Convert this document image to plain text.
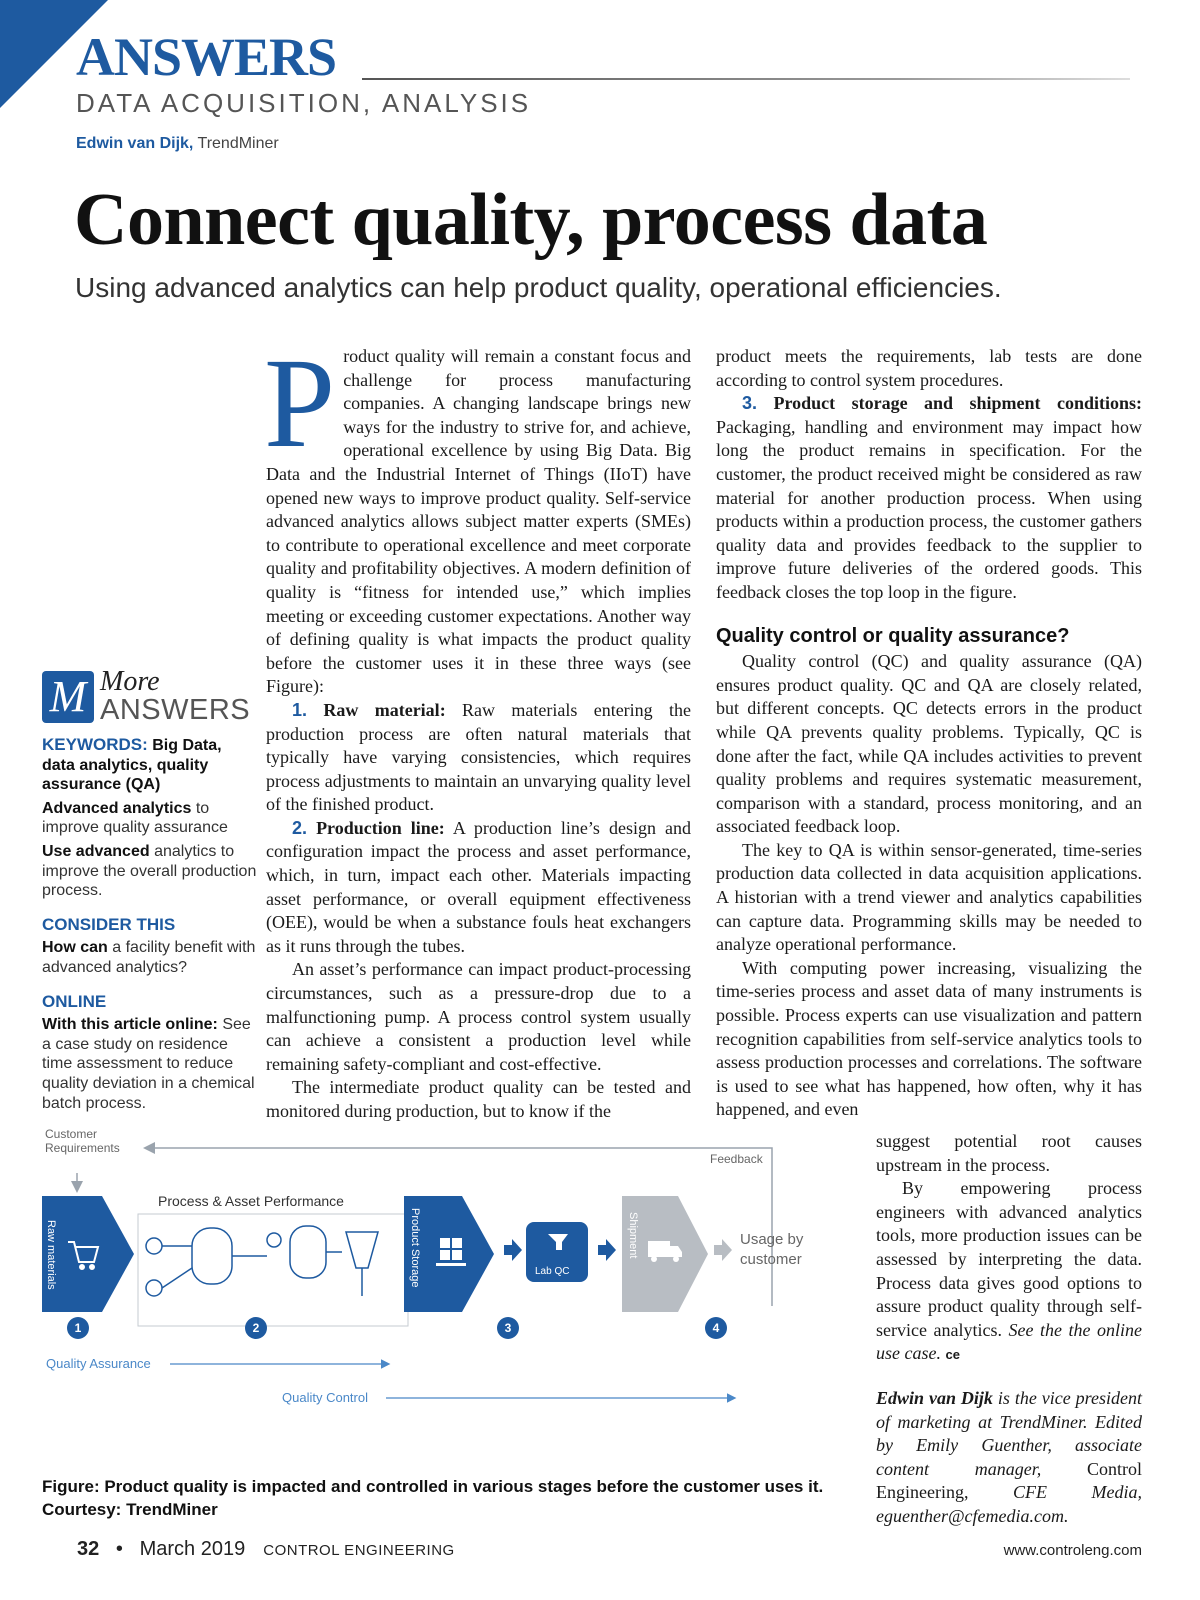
ANSWERS
DATA ACQUISITION, ANALYSIS
Edwin van Dijk, TrendMiner
Connect quality, process data
Using advanced analytics can help product quality, operational efficiencies.
M More
ANSWERS
KEYWORDS: Big Data, data analytics, quality assurance (QA)
Advanced analytics to improve quality assurance
Use advanced analytics to improve the overall production process.
CONSIDER THIS
How can a facility benefit with advanced analytics?
ONLINE
With this article online: See a case study on residence time assessment to reduce quality deviation in a chemical batch process.

Product quality will remain a constant focus and challenge for process manufacturing companies. A changing landscape brings new ways for the industry to strive for, and achieve, operational excellence by using Big Data. Big Data and the Industrial Internet of Things (IIoT) have opened new ways to improve product quality. Self-service advanced analytics allows subject matter experts (SMEs) to contribute to operational excellence and meet corporate quality and profitability objectives. A modern definition of quality is “fitness for intended use,” which implies meeting or exceeding customer expectations. Another way of defining quality is what impacts the product quality before the customer uses it in these three ways (see Figure):

1. Raw material: Raw materials entering the production process are often natural materials that typically have varying consistencies, which requires process adjustments to maintain an unvarying quality level of the finished product.

2. Production line: A production line’s design and configuration impact the process and asset performance, which, in turn, impact each other. Materials impacting asset performance, or overall equipment effectiveness (OEE), would be when a substance fouls heat exchangers as it runs through the tubes.

An asset’s performance can impact product-processing circumstances, such as a pressure-drop due to a malfunctioning pump. A process control system usually can achieve a consistent a production level while remaining safety-compliant and cost-effective.

The intermediate product quality can be tested and monitored during production, but to know if the

product meets the requirements, lab tests are done according to control system procedures.

3. Product storage and shipment conditions: Packaging, handling and environment may impact how long the product remains in specification. For the customer, the product received might be considered as raw material for another production process. When using products within a production process, the customer gathers quality data and provides feedback to the supplier to improve future deliveries of the ordered goods. This feedback closes the top loop in the figure.

Quality control or quality assurance?

Quality control (QC) and quality assurance (QA) ensures product quality. QC and QA are closely related, but different concepts. QC detects errors in the product while QA prevents quality problems. Typically, QC is done after the fact, while QA includes activities to prevent quality problems and requires systematic measurement, comparison with a standard, process monitoring, and an associated feedback loop.

The key to QA is within sensor-generated, time-series production data collected in data acquisition applications. A historian with a trend viewer and analytics capabilities can capture data. Programming skills may be needed to analyze operational performance.

With computing power increasing, visualizing the time-series process and asset data of many instruments is possible. Process experts can use visualization and pattern recognition capabilities from self-service analytics tools to assess production processes and correlations. The software is used to see what has happened, how often, why it has happened, and even

suggest potential root causes upstream in the process.

By empowering process engineers with advanced analytics tools, more production issues can be assessed by interpreting the data. Process data gives good options to assure product quality through self-service analytics. See the the online use case. ce

Edwin van Dijk is the vice president of marketing at TrendMiner. Edited by Emily Guenther, associate content manager,	Control Engineering, CFE Media, eguenther@cfemedia.com.

Customer
Requirements
Feedback
Process & Asset Performance
Raw materials	Product Storage	Lab QC
Shipment	Usage by
customer
1	2	3	4
Quality Assurance
Quality Control
Figure: Product quality is impacted and controlled in various stages before the customer uses it. Courtesy: TrendMiner
32 • March 2019 CONTROL ENGINEERING	www.controleng.com
